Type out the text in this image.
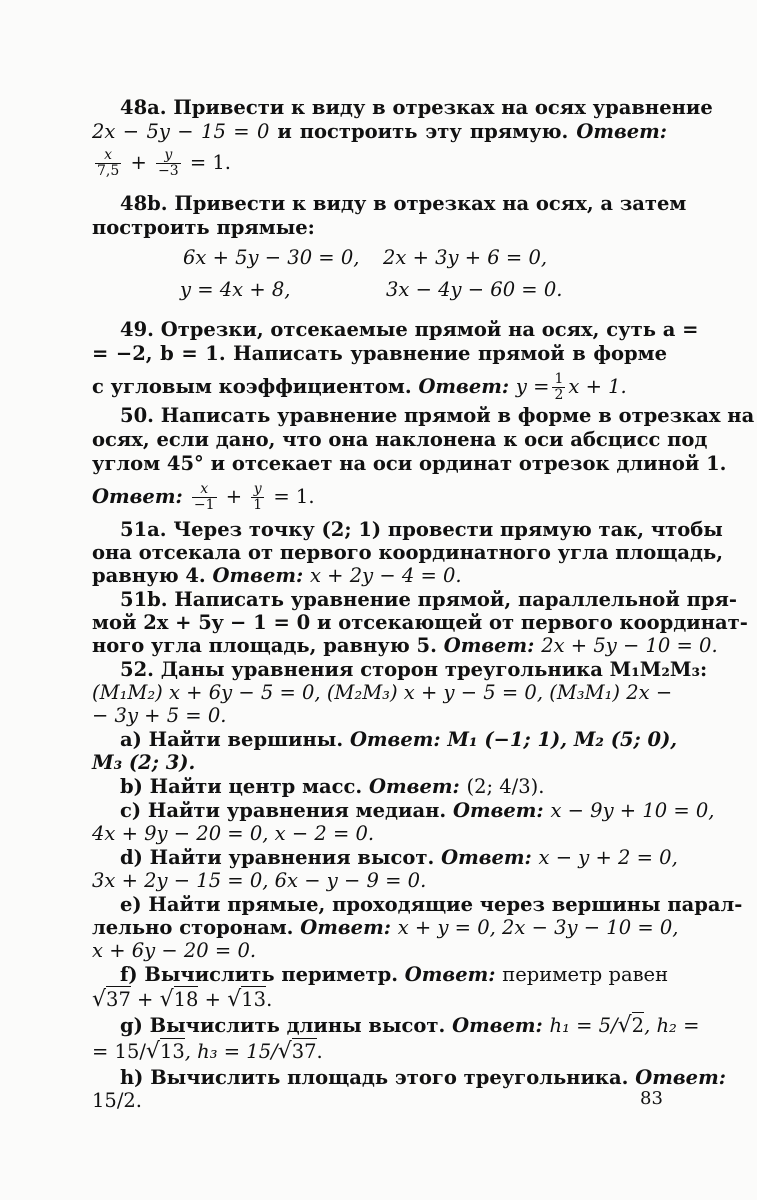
48а. Привести к виду в отрезках на осях уравнение
2x − 5y − 15 = 0 и построить эту прямую. Ответ:
$\frac{x}{7,5} + \frac{y}{-3} = 1$.
48b. Привести к виду в отрезках на осях, а затем
построить прямые:
6x + 5y − 30 = 0, 2x + 3y + 6 = 0,
y = 4x + 8,	3x − 4y − 60 = 0.
49. Отрезки, отсекаемые прямой на осях, суть a =
= −2, b = 1. Написать уравнение прямой в форме
с угловым коэффициентом. Ответ: $y = \frac{1}{2}$ x + 1.
50. Написать уравнение прямой в форме в отрезках на
осях, если дано, что она наклонена к оси абсцисс под
углом 45° и отсекает на оси ординат отрезок длиной 1.
Ответ: $\frac{x}{-1} + \frac{y}{1} = 1$.
51а. Через точку (2; 1) провести прямую так, чтобы
она отсекала от первого координатного угла площадь,
равную 4. Ответ: x + 2y − 4 = 0.
51b. Написать уравнение прямой, параллельной пря-
мой 2x + 5y − 1 = 0 и отсекающей от первого координат-
ного угла площадь, равную 5. Ответ: 2x + 5y − 10 = 0.
52. Даны уравнения сторон треугольника M₁M₂M₃:
(M₁M₂) x + 6y − 5 = 0, (M₂M₃) x + y − 5 = 0, (M₃M₁) 2x −
− 3y + 5 = 0.
а) Найти вершины. Ответ: M₁ (−1; 1), M₂ (5; 0),
M₃ (2; 3).
b) Найти центр масс. Ответ: (2; 4/3).
c) Найти уравнения медиан. Ответ: x − 9y + 10 = 0,
4x + 9y − 20 = 0, x − 2 = 0.
d) Найти уравнения высот. Ответ: x − y + 2 = 0,
3x + 2y − 15 = 0, 6x − y − 9 = 0.
е) Найти прямые, проходящие через вершины парал-
лельно сторонам. Ответ: x + y = 0, 2x − 3y − 10 = 0,
x + 6y − 20 = 0.
f) Вычислить периметр. Ответ: периметр равен
√37 + √18 + √13.
g) Вычислить длины высот. Ответ: h₁ = 5/√2, h₂ =
= 15/√13, h₃ = 15/√37.
h) Вычислить площадь этого треугольника. Ответ:
15/2.	83
